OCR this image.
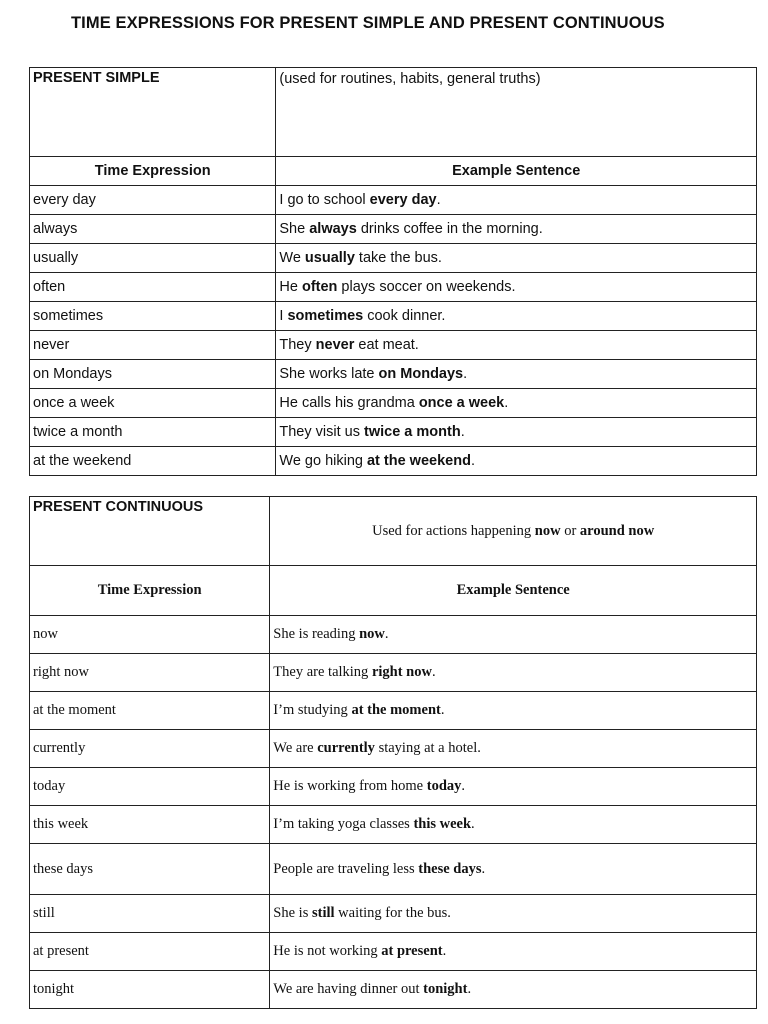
TIME EXPRESSIONS FOR PRESENT SIMPLE AND PRESENT CONTINUOUS
PRESENT SIMPLE	(used for routines, habits, general truths)
Time Expression	Example Sentence
every day	I go to school every day.
always	She always drinks coffee in the morning.
usually	We usually take the bus.
often	He often plays soccer on weekends.
sometimes	I sometimes cook dinner.
never	They never eat meat.
on Mondays	She works late on Mondays.
once a week	He calls his grandma once a week.
twice a month	They visit us twice a month.
at the weekend	We go hiking at the weekend.
PRESENT CONTINUOUS	Used for actions happening now or around now
Time Expression	Example Sentence
now	She is reading now.
right now	They are talking right now.
at the moment	I’m studying at the moment.
currently	We are currently staying at a hotel.
today	He is working from home today.
this week	I’m taking yoga classes this week.
these days	People are traveling less these days.
still	She is still waiting for the bus.
at present	He is not working at present.
tonight	We are having dinner out tonight.
